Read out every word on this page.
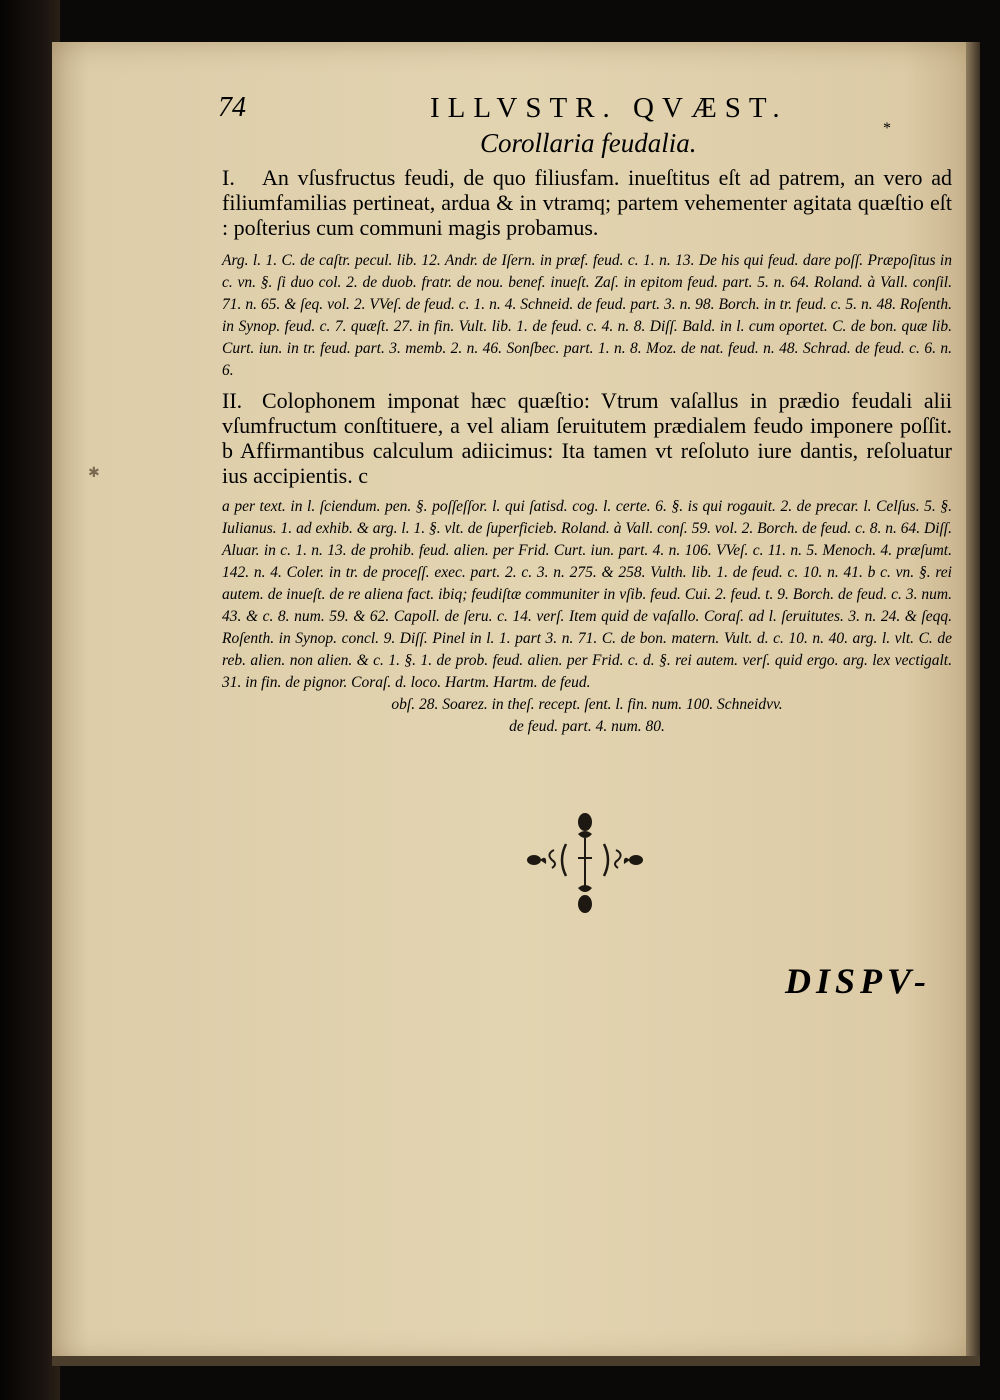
✱
74	ILLVSTR. QVÆST.
Corollaria feudalia.	*
I. An vſusfructus feudi, de quo filiusfam. inueſtitus eſt ad patrem, an vero ad filiumfamilias pertineat, ardua & in vtramq; partem vehementer agitata quæſtio eſt : poſterius cum communi magis probamus.
Arg. l. 1. C. de caſtr. pecul. lib. 12. Andr. de Iſern. in præf. feud. c. 1. n. 13. De his qui feud. dare poſſ. Præpoſitus in c. vn. §. ſi duo col. 2. de duob. fratr. de nou. benef. inueſt. Zaſ. in epitom feud. part. 5. n. 64. Roland. à Vall. conſil. 71. n. 65. & ſeq. vol. 2. VVeſ. de feud. c. 1. n. 4. Schneid. de feud. part. 3. n. 98. Borch. in tr. feud. c. 5. n. 48. Roſenth. in Synop. feud. c. 7. quæſt. 27. in fin. Vult. lib. 1. de feud. c. 4. n. 8. Diſſ. Bald. in l. cum oportet. C. de bon. quæ lib. Curt. iun. in tr. feud. part. 3. memb. 2. n. 46. Sonſbec. part. 1. n. 8. Moz. de nat. feud. n. 48. Schrad. de feud. c. 6. n. 6.
II. Colophonem imponat hæc quæſtio: Vtrum vaſallus in prædio feudali alii vſumfructum conſtituere, a vel aliam ſeruitutem prædialem feudo imponere poſſit. b Affirmantibus calculum adiicimus: Ita tamen vt reſoluto iure dantis, reſoluatur ius accipientis. c
a per text. in l. ſciendum. pen. §. poſſeſſor. l. qui ſatisd. cog. l. certe. 6. §. is qui rogauit. 2. de precar. l. Celſus. 5. §. Iulianus. 1. ad exhib. & arg. l. 1. §. vlt. de ſuperficieb. Roland. à Vall. conſ. 59. vol. 2. Borch. de feud. c. 8. n. 64. Diſſ. Aluar. in c. 1. n. 13. de prohib. feud. alien. per Frid. Curt. iun. part. 4. n. 106. VVeſ. c. 11. n. 5. Menoch. 4. præſumt. 142. n. 4. Coler. in tr. de proceſſ. exec. part. 2. c. 3. n. 275. & 258. Vulth. lib. 1. de feud. c. 10. n. 41. b c. vn. §. rei autem. de inueſt. de re aliena fact. ibiq; feudiſtæ communiter in vſib. feud. Cui. 2. feud. t. 9. Borch. de feud. c. 3. num. 43. & c. 8. num. 59. & 62. Capoll. de ſeru. c. 14. verſ. Item quid de vaſallo. Coraſ. ad l. ſeruitutes. 3. n. 24. & ſeqq. Roſenth. in Synop. concl. 9. Diſſ. Pinel in l. 1. part 3. n. 71. C. de bon. matern. Vult. d. c. 10. n. 40. arg. l. vlt. C. de reb. alien. non alien. & c. 1. §. 1. de prob. feud. alien. per Frid. c. d. §. rei autem. verſ. quid ergo. arg. lex vectigalt. 31. in fin. de pignor. Coraſ. d. loco. Hartm. Hartm. de feud.
obſ. 28. Soarez. in theſ. recept. ſent. l. fin. num. 100. Schneidvv.
de feud. part. 4. num. 80.
DISPV-
